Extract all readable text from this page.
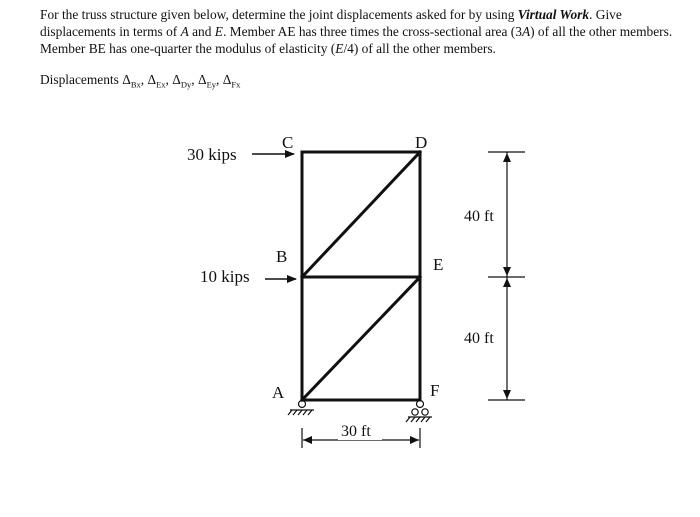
For the truss structure given below, determine the joint displacements asked for by using Virtual Work. Give displacements in terms of A and E. Member AE has three times the cross-sectional area (3A) of all the other members. Member BE has one-quarter the modulus of elasticity (E/4) of all the other members.
Displacements $\Delta_{Bx}$, $\Delta_{Ex}$, $\Delta_{Dy}$, $\Delta_{Ey}$, $\Delta_{Fx}$
C	D
B	E
A	F
30 kips
10 kips
40 ft
40 ft
30 ft
